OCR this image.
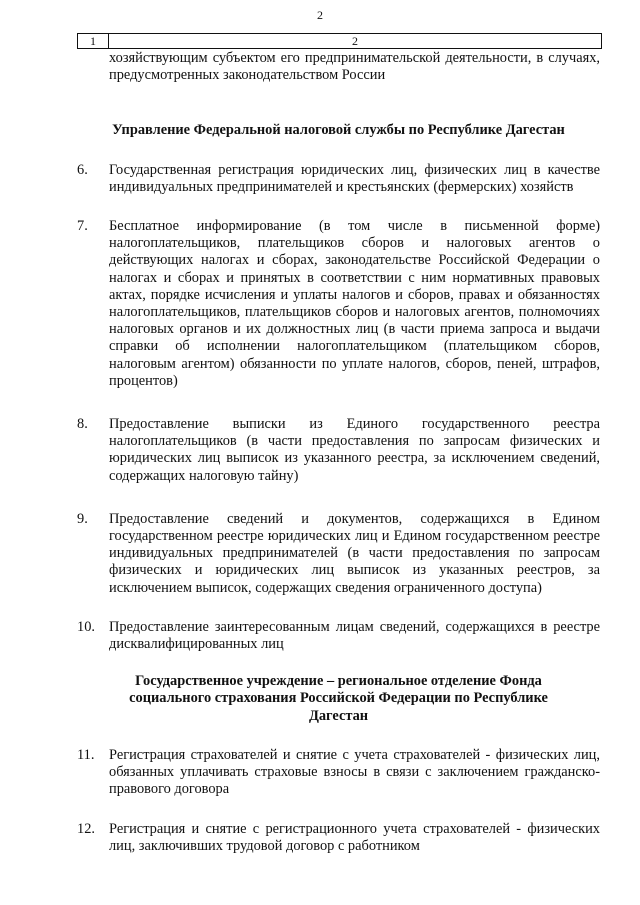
2
1	2

хозяйствующим субъектом его предпринимательской деятельности, в случаях, предусмотренных законодательством России

Управление Федеральной налоговой службы по Республике Дагестан

6.	Государственная регистрация юридических лиц, физических лиц в качестве индивидуальных предпринимателей и крестьянских (фермерских) хозяйств
7.	Бесплатное информирование (в том числе в письменной форме) налогоплательщиков, плательщиков сборов и налоговых агентов о действующих налогах и сборах, законодательстве Российской Федерации о налогах и сборах и принятых в соответствии с ним нормативных правовых актах, порядке исчисления и уплаты налогов и сборов, правах и обязанностях налогоплательщиков, плательщиков сборов и налоговых агентов, полномочиях налоговых органов и их должностных лиц (в части приема запроса и выдачи справки об исполнении налогоплательщиком (плательщиком сборов, налоговым агентом) обязанности по уплате налогов, сборов, пеней, штрафов, процентов)
8.	Предоставление выписки из Единого государственного реестра налогоплательщиков (в части предоставления по запросам физических и юридических лиц выписок из указанного реестра, за исключением сведений, содержащих налоговую тайну)
9.	Предоставление сведений и документов, содержащихся в Едином государственном реестре юридических лиц и Едином государственном реестре индивидуальных предпринимателей (в части предоставления по запросам физических и юридических лиц выписок из указанных реестров, за исключением выписок, содержащих сведения ограниченного доступа)
10. Предоставление заинтересованным лицам сведений, содержащихся в реестре дисквалифицированных лиц

Государственное учреждение – региональное отделение Фонда социального страхования Российской Федерации по Республике Дагестан

11.	Регистрация страхователей и снятие с учета страхователей - физических лиц, обязанных уплачивать страховые взносы в связи с заключением гражданско-правового договора
12. Регистрация и снятие с регистрационного учета страхователей - физических лиц, заключивших трудовой договор с работником
